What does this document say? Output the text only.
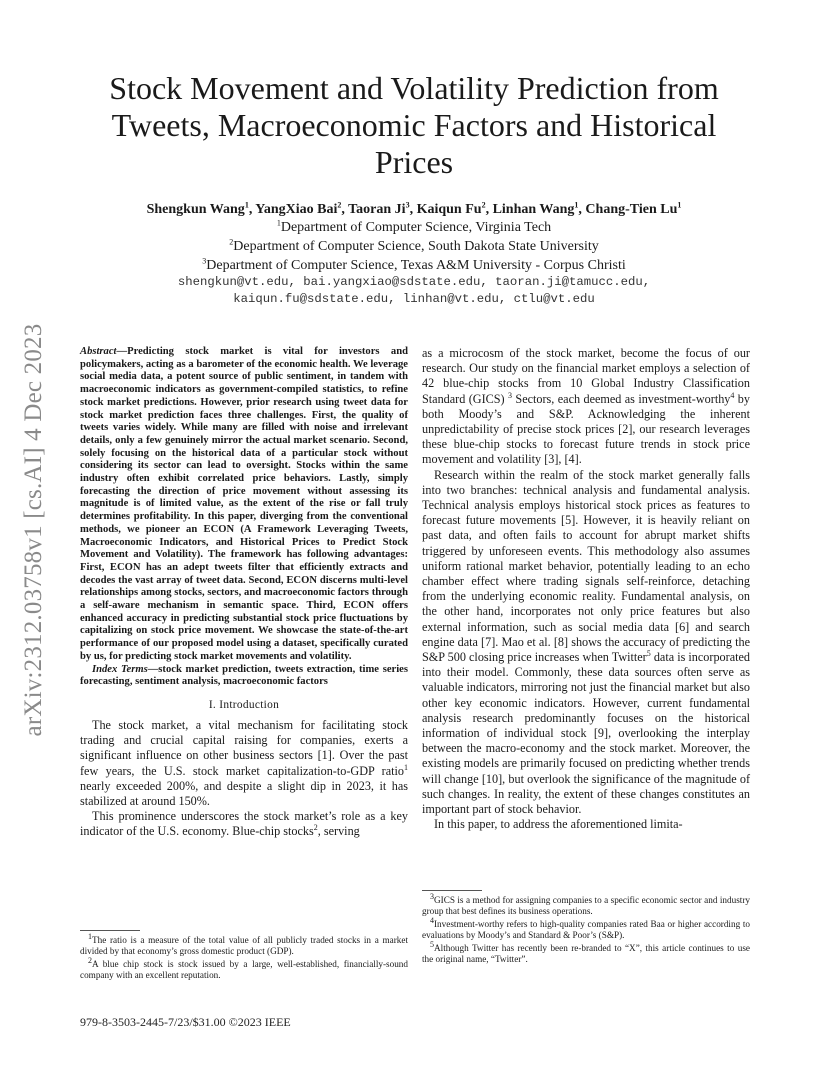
arXiv:2312.03758v1 [cs.AI] 4 Dec 2023
Stock Movement and Volatility Prediction from Tweets, Macroeconomic Factors and Historical Prices
Shengkun Wang$^1$, YangXiao Bai$^2$, Taoran Ji$^3$, Kaiqun Fu$^2$, Linhan Wang$^1$, Chang-Tien Lu$^1$
$^1$Department of Computer Science, Virginia Tech
$^2$Department of Computer Science, South Dakota State University
$^3$Department of Computer Science, Texas A&M University - Corpus Christi
shengkun@vt.edu, bai.yangxiao@sdstate.edu, taoran.ji@tamucc.edu,
kaiqun.fu@sdstate.edu, linhan@vt.edu, ctlu@vt.edu

Abstract—Predicting stock market is vital for investors and policymakers, acting as a barometer of the economic health. We leverage social media data, a potent source of public sentiment, in tandem with macroeconomic indicators as government-compiled statistics, to refine stock market predictions. However, prior research using tweet data for stock market prediction faces three challenges. First, the quality of tweets varies widely. While many are filled with noise and irrelevant details, only a few genuinely mirror the actual market scenario. Second, solely focusing on the historical data of a particular stock without considering its sector can lead to oversight. Stocks within the same industry often exhibit correlated price behaviors. Lastly, simply forecasting the direction of price movement without assessing its magnitude is of limited value, as the extent of the rise or fall truly determines profitability. In this paper, diverging from the conventional methods, we pioneer an ECON (A Framework Leveraging Tweets, Macroeconomic Indicators, and Historical Prices to Predict Stock Movement and Volatility). The framework has following advantages: First, ECON has an adept tweets filter that efficiently extracts and decodes the vast array of tweet data. Second, ECON discerns multi-level relationships among stocks, sectors, and macroeconomic factors through a self-aware mechanism in semantic space. Third, ECON offers enhanced accuracy in predicting substantial stock price fluctuations by capitalizing on stock price movement. We showcase the state-of-the-art performance of our proposed model using a dataset, specifically curated by us, for predicting stock market movements and volatility.

Index Terms—stock market prediction, tweets extraction, time series forecasting, sentiment analysis, macroeconomic factors

I. Introduction

The stock market, a vital mechanism for facilitating stock trading and crucial capital raising for companies, exerts a significant influence on other business sectors [1]. Over the past few years, the U.S. stock market capitalization-to-GDP ratio$^1$ nearly exceeded 200%, and despite a slight dip in 2023, it has stabilized at around 150%.

This prominence underscores the stock market’s role as a key indicator of the U.S. economy. Blue-chip stocks$^2$, serving

$^1$The ratio is a measure of the total value of all publicly traded stocks in a market divided by that economy’s gross domestic product (GDP).

$^2$A blue chip stock is stock issued by a large, well-established, financially-sound company with an excellent reputation.

as a microcosm of the stock market, become the focus of our research. Our study on the financial market employs a selection of 42 blue-chip stocks from 10 Global Industry Classification Standard (GICS) $^3$ Sectors, each deemed as investment-worthy$^4$ by both Moody’s and S&P. Acknowledging the inherent unpredictability of precise stock prices [2], our research leverages these blue-chip stocks to forecast future trends in stock price movement and volatility [3], [4].

Research within the realm of the stock market generally falls into two branches: technical analysis and fundamental analysis. Technical analysis employs historical stock prices as features to forecast future movements [5]. However, it is heavily reliant on past data, and often fails to account for abrupt market shifts triggered by unforeseen events. This methodology also assumes uniform rational market behavior, potentially leading to an echo chamber effect where trading signals self-reinforce, detaching from the underlying economic reality. Fundamental analysis, on the other hand, incorporates not only price features but also external information, such as social media data [6] and search engine data [7]. Mao et al. [8] shows the accuracy of predicting the S&P 500 closing price increases when Twitter$^5$ data is incorporated into their model. Commonly, these data sources often serve as valuable indicators, mirroring not just the financial market but also other key economic indicators. However, current fundamental analysis research predominantly focuses on the historical information of individual stock [9], overlooking the interplay between the macro-economy and the stock market. Moreover, the existing models are primarily focused on predicting whether trends will change [10], but overlook the significance of the magnitude of such changes. In reality, the extent of these changes constitutes an important part of stock behavior.

In this paper, to address the aforementioned limita-

$^3$GICS is a method for assigning companies to a specific economic sector and industry group that best defines its business operations.

$^4$Investment-worthy refers to high-quality companies rated Baa or higher according to evaluations by Moody’s and Standard & Poor’s (S&P).

$^5$Although Twitter has recently been re-branded to “X”, this article continues to use the original name, “Twitter”.

979-8-3503-2445-7/23/$31.00 ©2023 IEEE
